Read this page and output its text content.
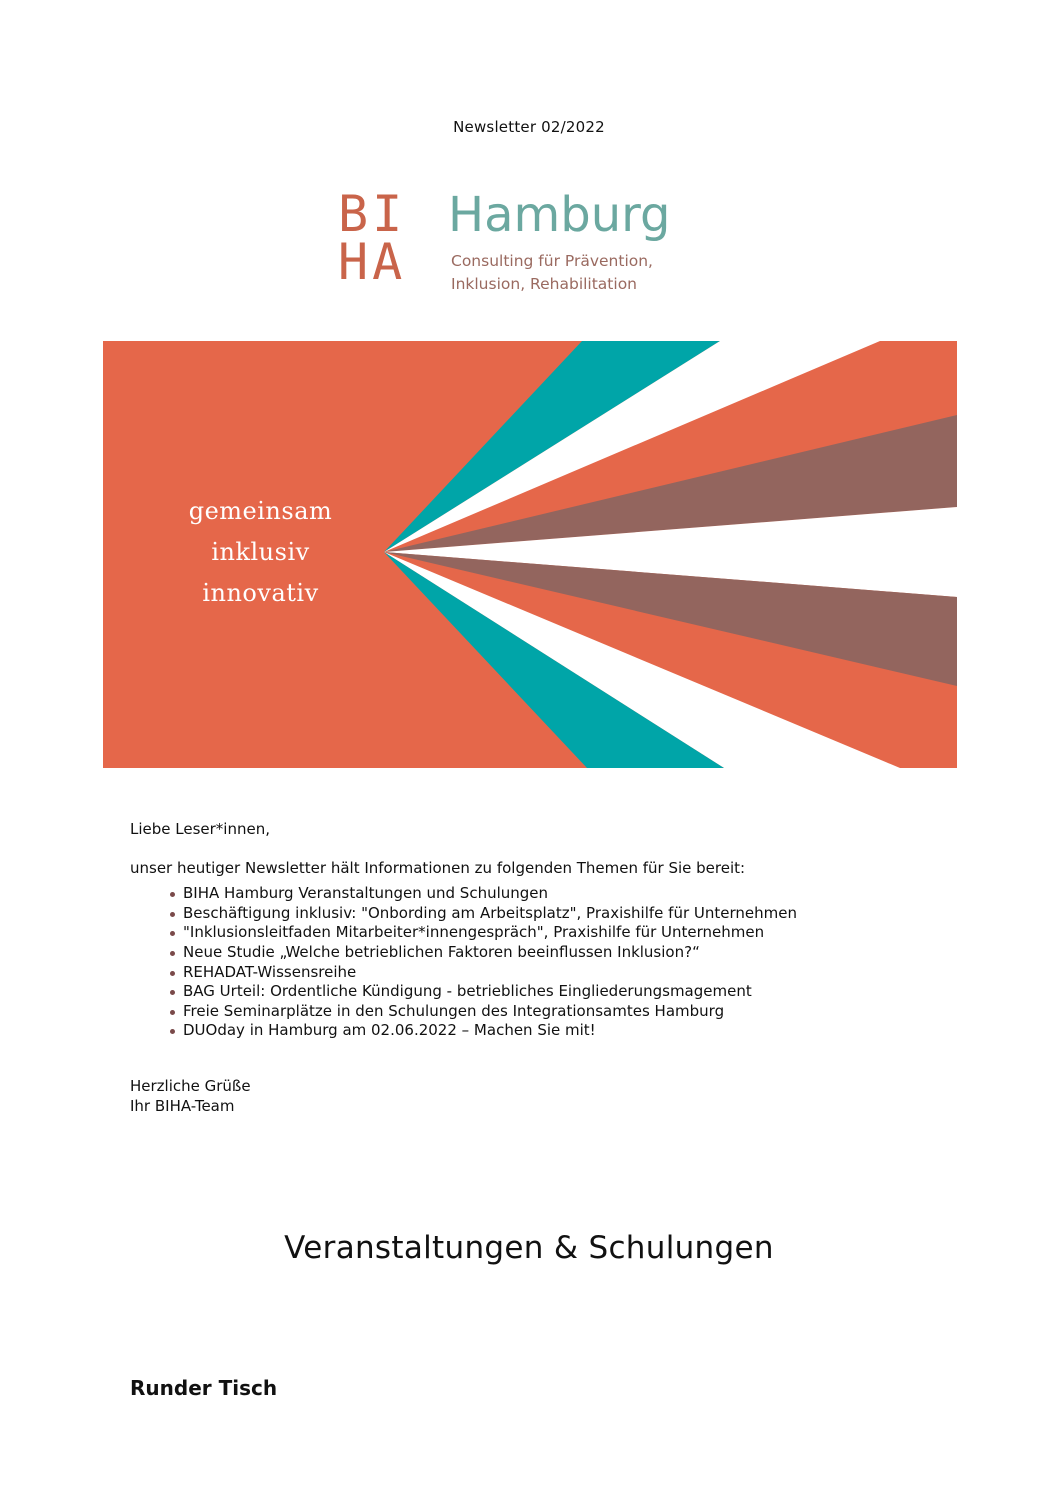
Newsletter 02/2022
BI
HA
Hamburg
Consulting für Prävention,
Inklusion, Rehabilitation
gemeinsam
inklusiv
innovativ

Liebe Leser*innen,

unser heutiger Newsletter hält Informationen zu folgenden Themen für Sie bereit:

BIHA Hamburg Veranstaltungen und Schulungen
Beschäftigung inklusiv: "Onbording am Arbeitsplatz", Praxishilfe für Unternehmen
"Inklusionsleitfaden Mitarbeiter*innengespräch", Praxishilfe für Unternehmen
Neue Studie „Welche betrieblichen Faktoren beeinflussen Inklusion?“
REHADAT-Wissensreihe
BAG Urteil: Ordentliche Kündigung - betriebliches Eingliederungsmagement
Freie Seminarplätze in den Schulungen des Integrationsamtes Hamburg
DUOday in Hamburg am 02.06.2022 – Machen Sie mit!

Herzliche Grüße

Ihr BIHA-Team

Veranstaltungen & Schulungen
Runder Tisch
